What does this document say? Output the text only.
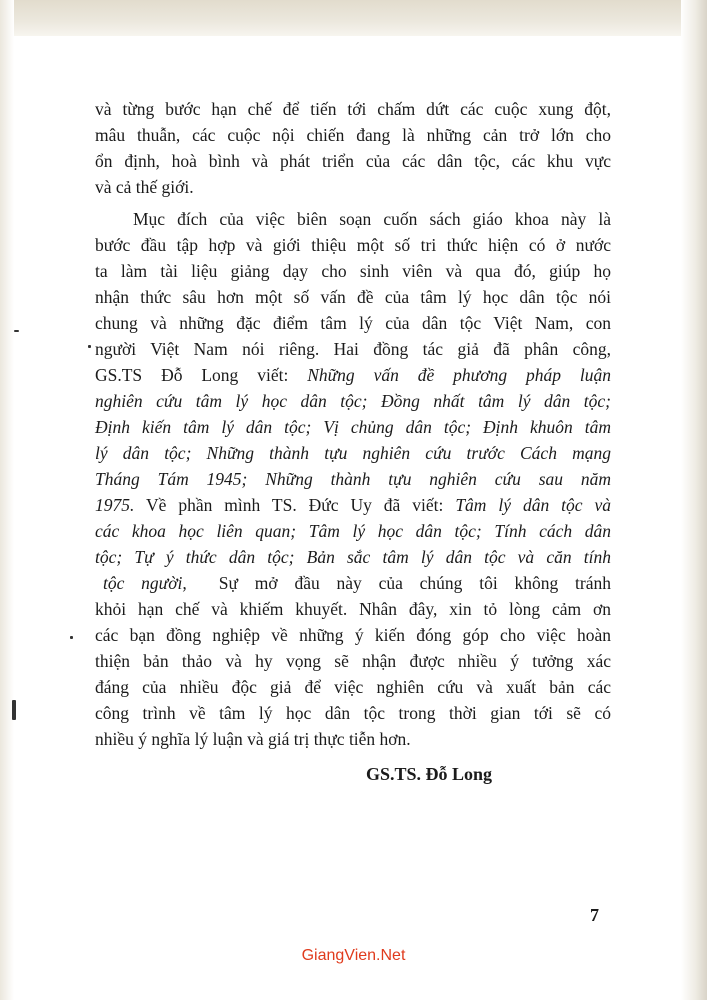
và từng bước hạn chế để tiến tới chấm dứt các cuộc xung đột,
mâu thuẫn, các cuộc nội chiến đang là những cản trở lớn cho
ổn định, hoà bình và phát triển của các dân tộc, các khu vực
và cả thế giới.
Mục đích của việc biên soạn cuốn sách giáo khoa này là
bước đầu tập hợp và giới thiệu một số tri thức hiện có ở nước
ta làm tài liệu giảng dạy cho sinh viên và qua đó, giúp họ
nhận thức sâu hơn một số vấn đề của tâm lý học dân tộc nói
chung và những đặc điểm tâm lý của dân tộc Việt Nam, con
người Việt Nam nói riêng. Hai đồng tác giả đã phân công,
GS.TS Đỗ Long viết: Những vấn đề phương pháp luận
nghiên cứu tâm lý học dân tộc; Đồng nhất tâm lý dân tộc;
Định kiến tâm lý dân tộc; Vị chủng dân tộc; Định khuôn tâm
lý dân tộc; Những thành tựu nghiên cứu trước Cách mạng
Tháng Tám 1945; Những thành tựu nghiên cứu sau năm
1975. Về phần mình TS. Đức Uy đã viết: Tâm lý dân tộc và
các khoa học liên quan; Tâm lý học dân tộc; Tính cách dân
tộc; Tự ý thức dân tộc; Bản sắc tâm lý dân tộc và căn tính
tộc người, Sự mở đầu này của chúng tôi không tránh
khỏi hạn chế và khiếm khuyết. Nhân đây, xin tỏ lòng cảm ơn
các bạn đồng nghiệp về những ý kiến đóng góp cho việc hoàn
thiện bản thảo và hy vọng sẽ nhận được nhiều ý tưởng xác
đáng của nhiều độc giả để việc nghiên cứu và xuất bản các
công trình về tâm lý học dân tộc trong thời gian tới sẽ có
nhiều ý nghĩa lý luận và giá trị thực tiễn hơn.
GS.TS. Đỗ Long
7
GiangVien.Net
